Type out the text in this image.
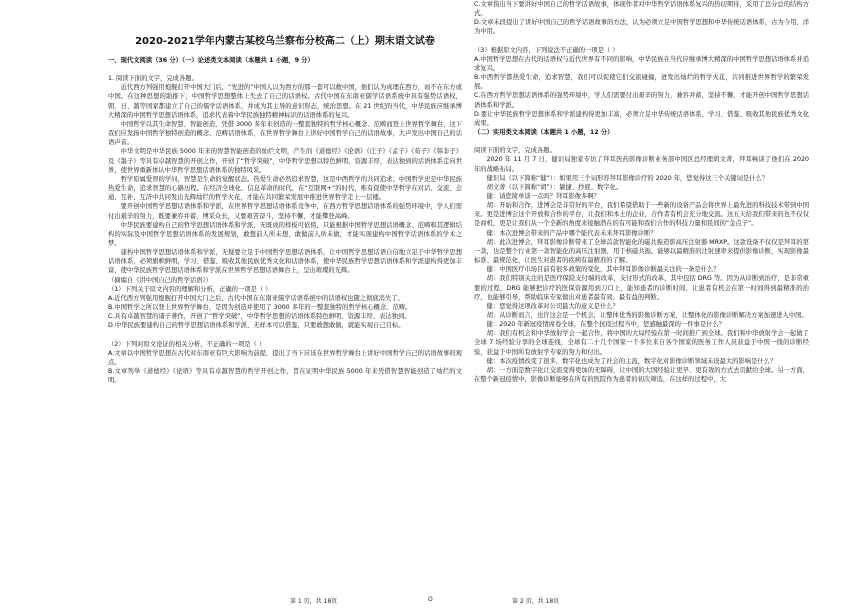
2020-2021学年内蒙古某校乌兰察布分校高二（上）期末语文试卷

一、现代文阅读（36 分）（一）论述类文本阅读（本题共 1 小题，9 分）

1. 阅读下面的文字，完成各题。

近代西方列强用炮舰打开中国大门后，“先进的”中国人以为西方的那一套可以救中国，他们认为真理在西方，而不在东方或中国。在这种思想的助推下，中国哲学思想整体上失去了自己的话语权。古代中国在东南亚儒学话语系统中具有强势话语权，朝、日、越等国家都建立了自己的儒学话语体系，并成为其主导的意识形态，统治思想。在 21 世纪的当代，中华民族应继承博大精深的中国哲学思想话语体系，追求代表着中华民族独特精神标识的话语体系的复兴。

中国哲学以其生命智慧、智能创造，凭借 3000 多年来创造的一整套独特的哲学核心概念、范畴而登上世界哲学舞台，这下我们应发扬中国哲学独特创造的概念、范畴话语体系，在世界哲学舞台上讲好中国哲学自己的话语故事，大声发出中国自己的话语声音。

中华文明是中华民族 5000 年来的智慧智能创造的灿烂文明，产生的《道德经》《论语》《庄子》《孟子》《荀子》《韩非子》及《墨子》等具有卓越智慧的开创之作，开创了“哲学突破”，中华哲学思想以特色鲜明，资源丰厚，表达独到的话语体系走向世界，使世界重新体认中华哲学思想话语体系的独特风采。

哲学原属爱智的学问，智慧是生命的觉醒状态。热爱生命必然追求智慧，这是中西哲学的共同追求；中国哲学史是中华民族热爱生命，追求智慧的心路历程。在经济全球化、信息革命的时代，在“互联网+”的时代，唯有促使中华哲学在对话、交流、会通、互补、互济中共同发出光辉灿烂的哲学火花，才能在共同繁荣发展中推进世界哲学走上一层楼。

要开创中国哲学思想话语体系和学派，在世界哲学思想话语体系竞争中，在西方哲学思想话语体系的强势环境中，学人们需付出艰辛的努力，既要兼容并蓄、博采众长，又要艰苦奋斗，坚持不懈，才能攀登高峰。

中华民族要建构自己的哲学思想话语体系和学派，无既成的样板可依傍，只能根据中国哲学思想话语概念、范畴和其逻辑结构的实际及中国哲学思想话语体系的发展规划，敢想前人所未想、敢做前人所未做，才能实现建构中国哲学话语体系的学术之梦。

建构中国哲学思想话语体系和学派，无疑要立足于中国哲学思想话语体系，让中国哲学思想话语自信地立足于中华哲学思想话语体系，必须旗帜鲜明，学习、借鉴、吸收其他民族优秀文化和话语体系，使中华民族哲学思想话语体系和学派建构得更加丰富，使中华民族哲学思想话语体系和学派在世界哲学思想话语舞台上，呈出璀璨的光辉。

（摘编自《讲中国自己的哲学话语》）

（1）下列关于原文内容的理解和分析，正确的一项是（ ）

A.近代西方列强用炮舰打开中国大门之后，古代中国在东南亚儒学话语系统中的话语权也随之彻底消失了。

B.中国哲学之所以登上世界哲学舞台，是因为创造并使用了 3000 多年的一整套独特的哲学核心概念、范畴。

C.具有卓越智慧的诸子著作，开创了“哲学突破”，中华哲学思想的话语体系特色鲜明、资源丰厚、表达独到。

D.中华民族要建构自己的哲学思想话语体系和学派，无样本可以借鉴，只要敢想敢做，就能实现自己目标。

（2）下列对原文论证的相关分析，不正确的一项是（ ）

A.文章以中国哲学思想在古代对东南亚有巨大影响为前提，提出了当下应该在世界哲学舞台上讲好中国哲学自己的话语故事的观点。

B.文章列举《道德经》《论语》等具有卓越智慧的哲学开创之作，旨在证明中华民族 5000 年来凭借智慧智能创造了灿烂的文明。

C.文章指出当下要讲好中国自己的哲学话语故事，体现作者对中华哲学话语体系复兴的热切期待，采用了总分总的结构方式。

D.文章末段提出了讲好中国自己的哲学话语故事的方法，认为必须立足中国哲学思想和中华传统话语体系，古为今用，洋为中用。

（3）根据原文内容，下列说法不正确的一项是（ ）

A.中国哲学思想在古代的话语权与近代世界有不同的影响，中华民族在当代应继承博大精深的中国哲学思想话语体系并追求复兴。

B.中西哲学都热爱生命，追求智慧，我们可以促使它们交流碰撞，迸发出灿烂的哲学火花，共同推进世界哲学的繁荣发展。

C.在西方哲学思想话语体系的强势环境中，学人们需要付出艰辛的努力，兼容并蓄，坚持不懈，才能开创中国哲学思想话语体系和学派。

D.要让中华民族哲学思想体系和学派建构得更加丰富，必须立足中华传统话语体系，学习、借鉴、吸收其他民族优秀文化成果。

（二）实用类文本阅读（本题共 1 小题，12 分）

阅读下面的文字，完成各题。

2020 年 11 月 7 日，健识局独家专访了拜耳医药影像诊断业务部中国区总经理胡文菁，拜耳畅谈了他们在 2020 年的战略布局。

健识局（以下简称“健”）：如果用三个词形容拜耳影像诊疗的 2020 年，您觉得这三个关键词是什么？

胡文菁（以下简称“胡”）：敏捷、抄底、数字化。

健：请您简单谈一点吗？拜耳影像多啊？

胡：开始和合作，进博会是非常好的平台，我们希望借助于一些新的设备产品会将世界上最先进的科技技术带到中国来。更是进博会这个开放和合作的平台，让我们和本土的企业，合作者有机会充分地交流。这五天给我们带来的也不仅仅是商机，更是让我们从一个全新的角度来接触潜在的有可能和我们合作的科技力量和民间的“金点子”。

健：本次进博会带来的产品中哪个能代表未来拜耳影像诊断？

胡：此次进博会，拜耳影像诊断带来了全球首款智能化的磁共振造影高压注射器 MRXP。这款设备不仅仅是拜耳的第一款，也是整个行业第一款智能化的高压注射器，用于核磁共振。能够以最精准的注射速率来提供影像诊断，实现影像最标准、最规范化，让医生对患者的疾病有最精准的了解。

健：中国医疗市场目前有很多政策的变化，其中拜耳影像诊断最关注的一条是什么？

胡：我们特别关注的是医疗保险支付端的改革，支付形式的改革，其中包括 DRG 等。因为从诊断到治疗，是非常重要的过程，DRG 能够把诊疗的医保资源用到刀口上，能知患者的诊断时间，让患者有机会在第一时间得到最精准的治疗，也能够引导，帮助临床专家做出对患者最有效、最有益的判断。

健：您觉得这项改革对公司最大的意义是什么？

胡：从诊断而言，也许这会是一个机会，让整体优秀的影像诊断方案，让整体化的影像诊断解决方案加速进入中国。

健：2020 年新冠疫情席卷全球，在整个抗疫过程当中，您感触最深的一件事是什么？

胡：我们有机会和中华放射学会一起合作，将中国的大局经验在第一时间推广到全球。我们和中华放射学会一起做了全球 7 场经验分享的全球连线，全球有二十几个国家一千多位来自各个国家的医务工作人员获益于中国一线的诊断经验，获益于中国所有放射学专家的努力和付出。

健：本次疫情改变了很多，数字化也成为了社会的主流，数字化对影像诊断领域未设最大的影响是什么？

胡：一方面是数字化让交流变得更加的无障碍，让中国的大国经验让更早、更有效的方式去贡献给全球。另一方面，在整个新冠疫情中，影像诊断能够在所有的医院作为患者的初次筛选，在这样的过程中，大

第 1 页，共 18页	O	第 2 页，共 18页
